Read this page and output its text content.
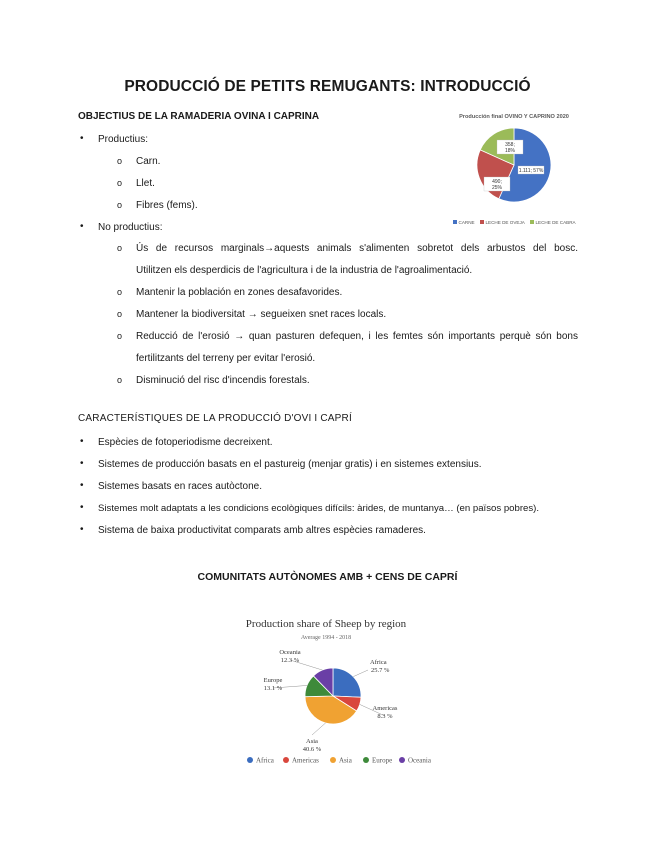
PRODUCCIÓ DE PETITS REMUGANTS: INTRODUCCIÓ
OBJECTIUS DE LA RAMADERIA OVINA I CAPRINA
• Productius:
o Carn.
o Llet.
o Fibres (fems).
• No productius:
o Ús de recursos marginals→aquests animals s'alimenten sobretot dels arbustos del bosc.
Utilitzen els desperdicis de l'agricultura i de la industria de l'agroalimentació.
o Mantenir la población en zones desafavorides.
o Mantener la biodiversitat → segueixen snet races locals.
o Reducció de l'erosió → quan pasturen defequen, i les femtes són importants perquè són bons
fertilitzants del terreny per evitar l'erosió.
o Disminució del risc d'incendis forestals.
Producción final OVINO Y CAPRINO 2020
1.111; 57%
490;
25%
358;
18%
CARNE LECHE DE OVEJA LECHE DE CABRA
CARACTERÍSTIQUES DE LA PRODUCCIÓ D'OVI I CAPRÍ
• Espècies de fotoperiodisme decreixent.
• Sistemes de producción basats en el pastureig (menjar gratis) i en sistemes extensius.
• Sistemes basats en races autòctone.
• Sistemes molt adaptats a les condicions ecològiques difícils: àrides, de muntanya… (en països pobres).
• Sistema de baixa productivitat comparats amb altres espècies ramaderes.
COMUNITATS AUTÒNOMES AMB + CENS DE CAPRÍ
Production share of Sheep by region
Average 1994 - 2018
Africa
25.7 %
Americas
8.3 %
Asia
40.6 %
Europe
13.1 %
Oceania
12.3 %
Africa	Americas	Asia	Europe Oceania
